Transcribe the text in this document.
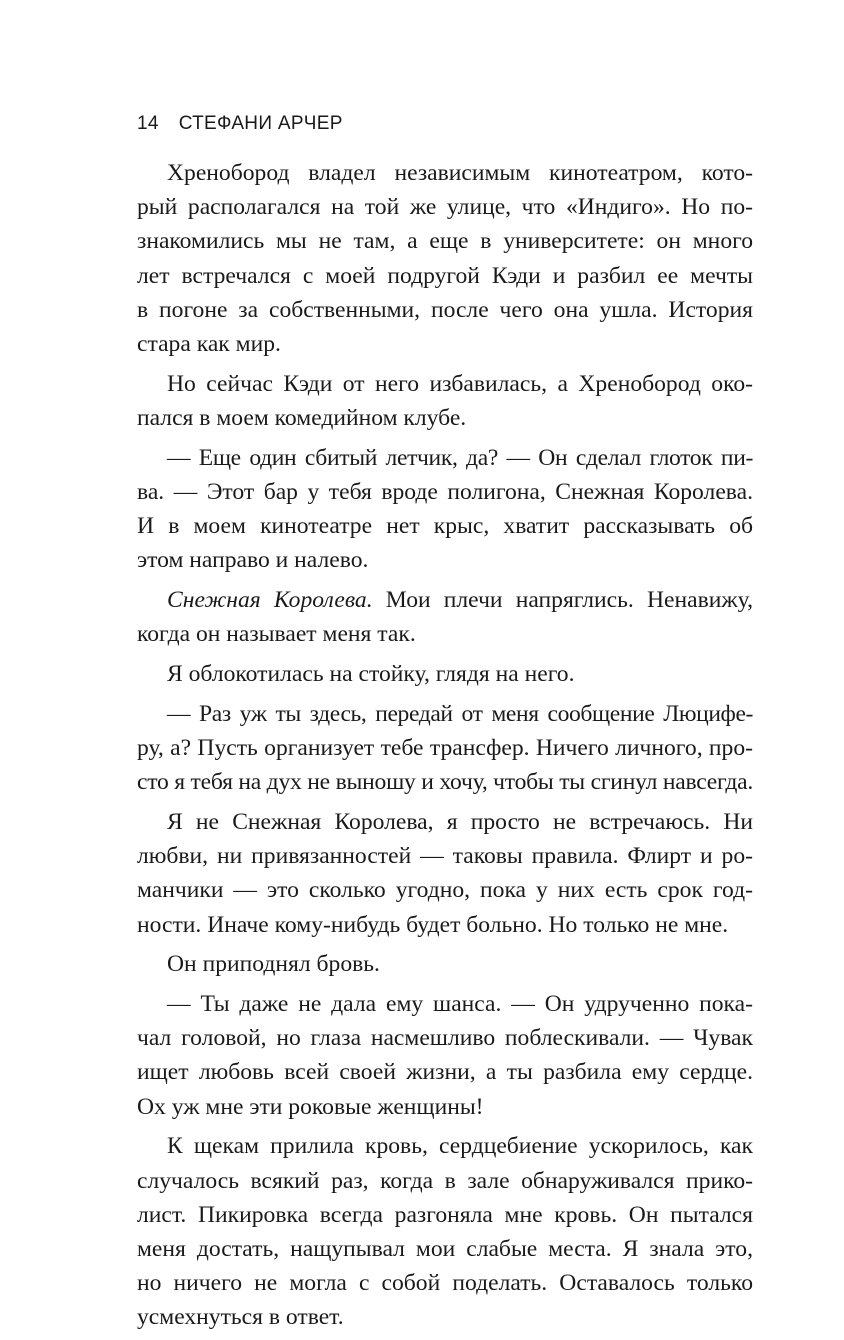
14 СТЕФАНИ АРЧЕР
Хренобород владел независимым кинотеатром, кото-
рый располагался на той же улице, что «Индиго». Но по-
знакомились мы не там, а еще в университете: он много
лет встречался с моей подругой Кэди и разбил ее мечты
в погоне за собственными, после чего она ушла. История
стара как мир.
Но сейчас Кэди от него избавилась, а Хренобород око-
пался в моем комедийном клубе.
— Еще один сбитый летчик, да? — Он сделал глоток пи-
ва. — Этот бар у тебя вроде полигона, Снежная Королева.
И в моем кинотеатре нет крыс, хватит рассказывать об
этом направо и налево.
Снежная Королева. Мои плечи напряглись. Ненавижу,
когда он называет меня так.
Я облокотилась на стойку, глядя на него.
— Раз уж ты здесь, передай от меня сообщение Люцифе-
ру, а? Пусть организует тебе трансфер. Ничего личного, про-
сто я тебя на дух не выношу и хочу, чтобы ты сгинул навсегда.
Я не Снежная Королева, я просто не встречаюсь. Ни
любви, ни привязанностей — таковы правила. Флирт и ро-
манчики — это сколько угодно, пока у них есть срок год-
ности. Иначе кому-нибудь будет больно. Но только не мне.
Он приподнял бровь.
— Ты даже не дала ему шанса. — Он удрученно пока-
чал головой, но глаза насмешливо поблескивали. — Чувак
ищет любовь всей своей жизни, а ты разбила ему сердце.
Ох уж мне эти роковые женщины!
К щекам прилила кровь, сердцебиение ускорилось, как
случалось всякий раз, когда в зале обнаруживался прико-
лист. Пикировка всегда разгоняла мне кровь. Он пытался
меня достать, нащупывал мои слабые места. Я знала это,
но ничего не могла с собой поделать. Оставалось только
усмехнуться в ответ.
